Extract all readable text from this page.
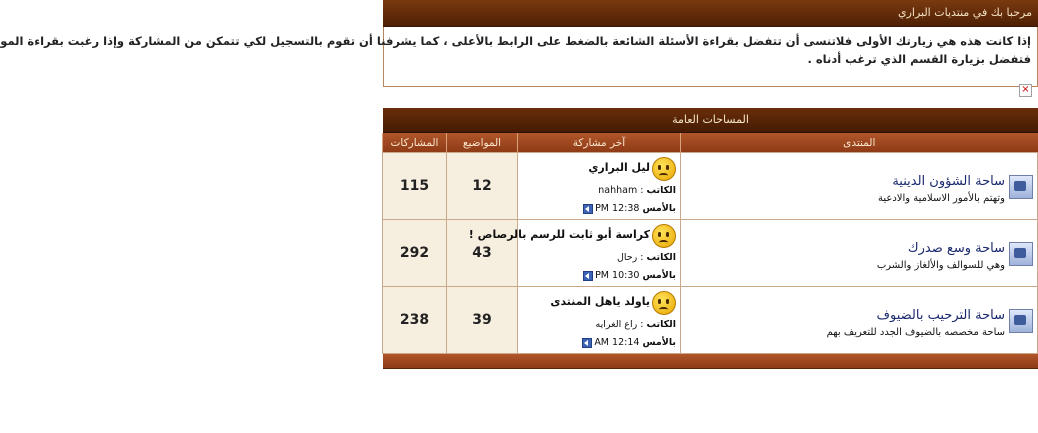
مرحبا بك في منتديات البراري
إذا كانت هذه هي زيارتك الأولى فلاتنسى أن تتفضل بقراءة الأسئلة الشائعة بالضغط على الرابط بالأعلى ، كما يشرفنا أن تقوم بالتسجيل لكي تتمكن من المشاركة وإذا رغبت بقراءة المو
فتفضل بزيارة القسم الذي ترغب أدناه .
×
المساحات العامة
المنتدى	آخر مشاركة	المواضيع	المشاركات

ساحة الشؤون الدينية
وتهتم بالأمور الاسلامية والادعية	ليل البراري
الكاتب : nahham
بالأمس 12:38 PM	12	115

ساحة وسع صدرك
وهي للسوالف والألغاز والشرب	كراسة أبو ثابت للرسم بالرصاص !
الكاتب : رحال
بالأمس 10:30 PM	43	292

ساحة الترحيب بالضيوف
ساحة مخصصه بالضيوف الجدد للتعريف بهم	ياولد ياهل المنتدى
الكاتب : راع الغرايه
بالأمس 12:14 AM	39	238
